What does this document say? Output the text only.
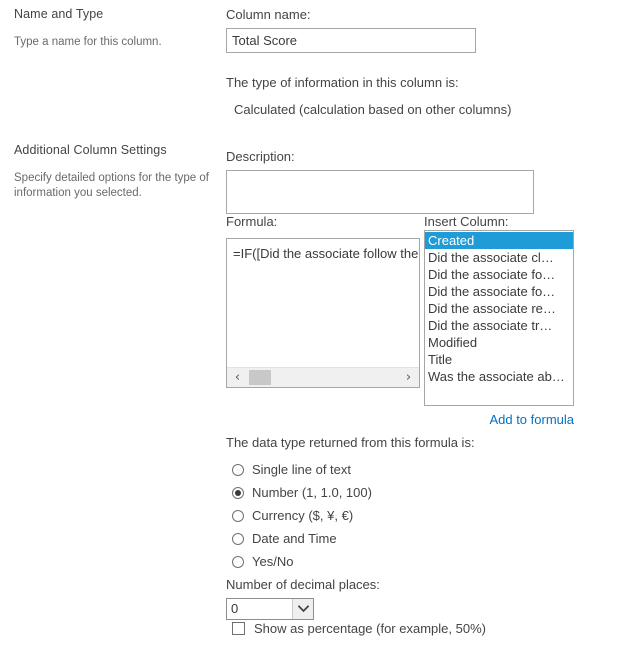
Name and Type
Type a name for this column.
Column name:
Total Score
The type of information in this column is:
Calculated (calculation based on other columns)
Additional Column Settings
Specify detailed options for the type of information you selected.
Description:
Formula:	Insert Column:
=IF([Did the associate follow the
‹	›
Created
Did the associate cl…
Did the associate fo…
Did the associate fo…
Did the associate re…
Did the associate tr…
Modified
Title
Was the associate ab…
Add to formula
The data type returned from this formula is:
Single line of text
Number (1, 1.0, 100)
Currency ($, ¥, €)
Date and Time
Yes/No
Number of decimal places:
0
Show as percentage (for example, 50%)
